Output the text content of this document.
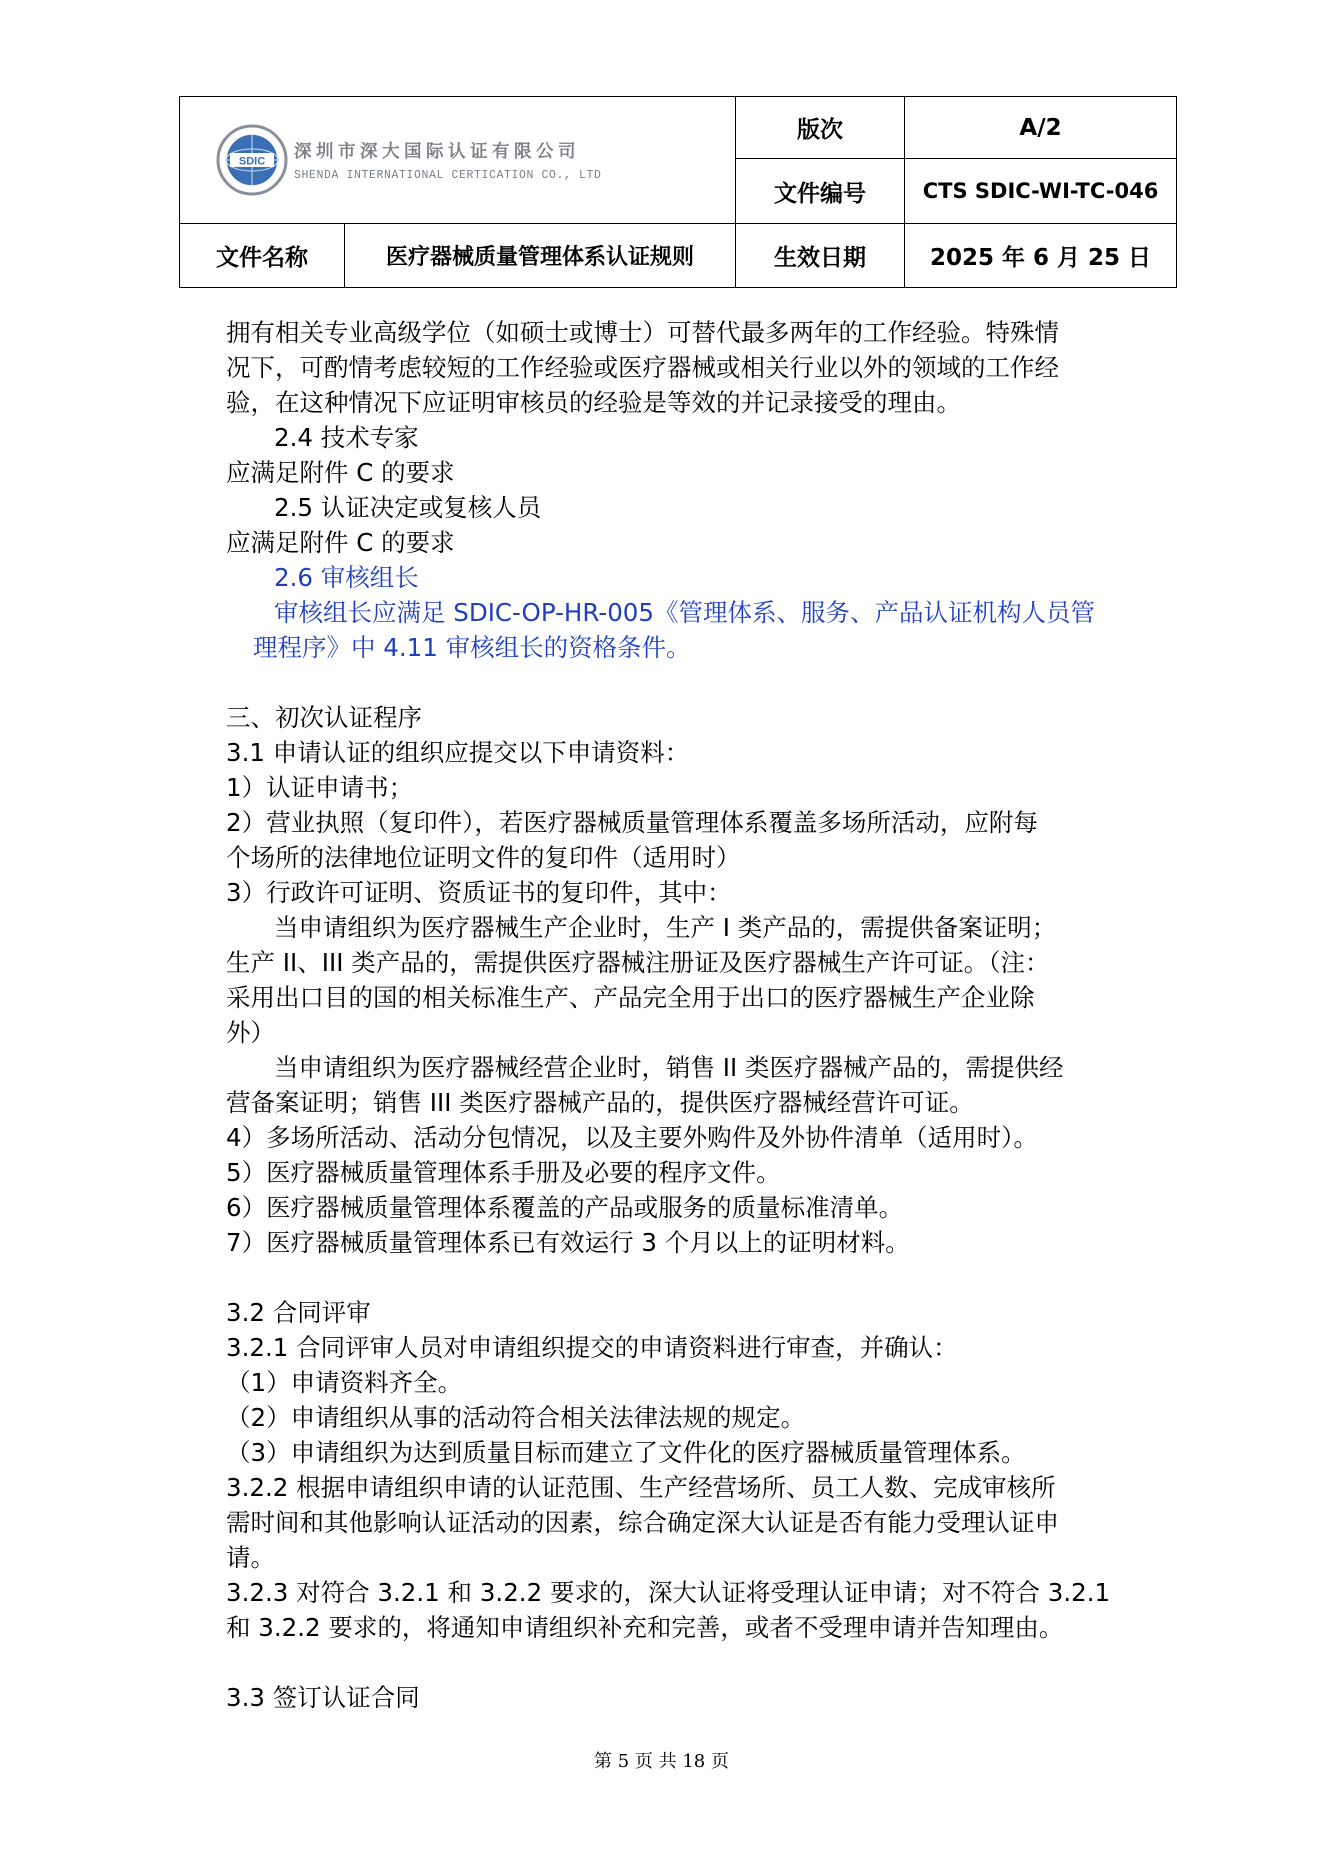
SDIC 深圳市深大国际认证有限公司
SHENDA INTERNATIONAL CERTICATION CO., LTD		版次	A/2
		文件编号	CTS SDIC-WI-TC-046
文件名称	医疗器械质量管理体系认证规则	生效日期	2025 年 6 月 25 日

拥有相关专业高级学位（如硕士或博士）可替代最多两年的工作经验。特殊情

况下，可酌情考虑较短的工作经验或医疗器械或相关行业以外的领域的工作经

验，在这种情况下应证明审核员的经验是等效的并记录接受的理由。

2.4 技术专家

应满足附件 C 的要求

2.5 认证决定或复核人员

应满足附件 C 的要求

2.6 审核组长

审核组长应满足 SDIC-OP-HR-005《管理体系、服务、产品认证机构人员管

理程序》中 4.11 审核组长的资格条件。

三、初次认证程序

3.1 申请认证的组织应提交以下申请资料：

1）认证申请书；

2）营业执照（复印件），若医疗器械质量管理体系覆盖多场所活动，应附每

个场所的法律地位证明文件的复印件（适用时）

3）行政许可证明、资质证书的复印件，其中：

当申请组织为医疗器械生产企业时，生产 I 类产品的，需提供备案证明；

生产 II、III 类产品的，需提供医疗器械注册证及医疗器械生产许可证。（注：

采用出口目的国的相关标准生产、产品完全用于出口的医疗器械生产企业除

外）

当申请组织为医疗器械经营企业时，销售 II 类医疗器械产品的，需提供经

营备案证明；销售 III 类医疗器械产品的，提供医疗器械经营许可证。

4）多场所活动、活动分包情况，以及主要外购件及外协件清单（适用时）。

5）医疗器械质量管理体系手册及必要的程序文件。

6）医疗器械质量管理体系覆盖的产品或服务的质量标准清单。

7）医疗器械质量管理体系已有效运行 3 个月以上的证明材料。

3.2 合同评审

3.2.1 合同评审人员对申请组织提交的申请资料进行审查，并确认：

（1）申请资料齐全。

（2）申请组织从事的活动符合相关法律法规的规定。

（3）申请组织为达到质量目标而建立了文件化的医疗器械质量管理体系。

3.2.2 根据申请组织申请的认证范围、生产经营场所、员工人数、完成审核所

需时间和其他影响认证活动的因素，综合确定深大认证是否有能力受理认证申

请。

3.2.3 对符合 3.2.1 和 3.2.2 要求的，深大认证将受理认证申请；对不符合 3.2.1

和 3.2.2 要求的，将通知申请组织补充和完善，或者不受理申请并告知理由。

3.3 签订认证合同

第 5 页 共 18 页
